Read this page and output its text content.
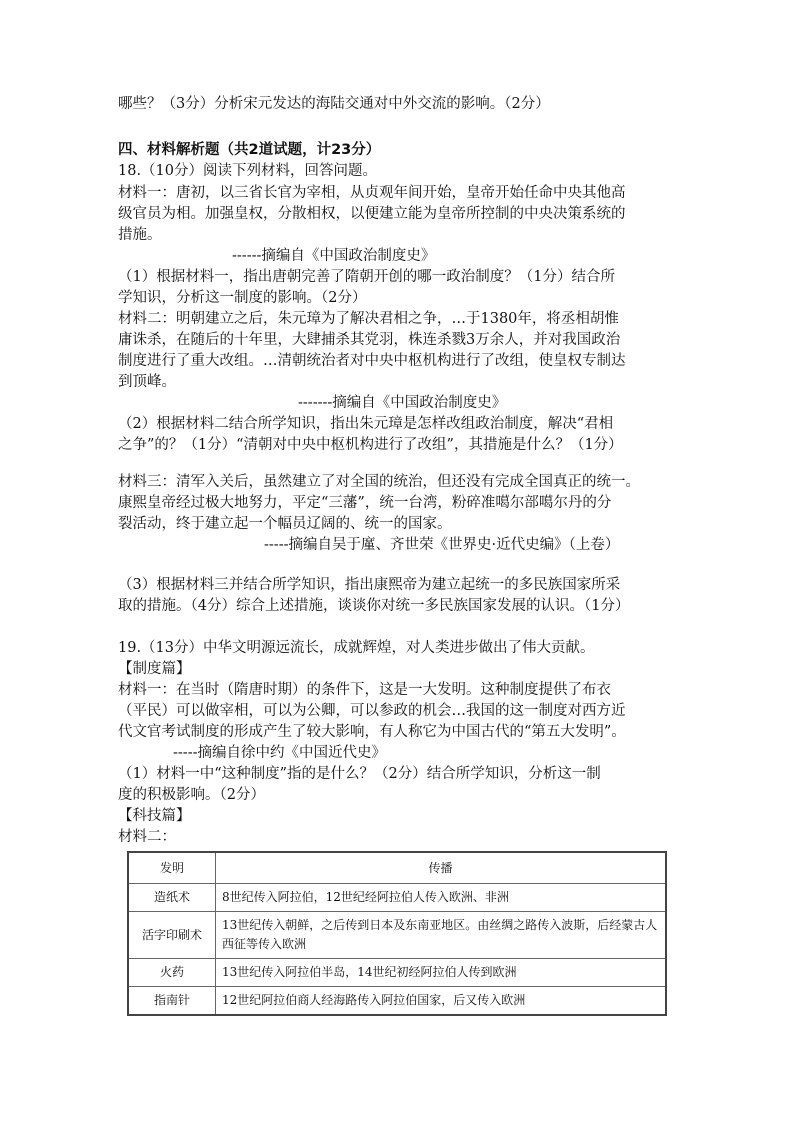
哪些？（3分）分析宋元发达的海陆交通对中外交流的影响。（2分）
四、材料解析题（共2道试题，计23分）
18.（10分）阅读下列材料，回答问题。
材料一：唐初，以三省长官为宰相，从贞观年间开始，皇帝开始任命中央其他高
级官员为相。加强皇权，分散相权，以便建立能为皇帝所控制的中央决策系统的
措施。
------摘编自《中国政治制度史》
（1）根据材料一，指出唐朝完善了隋朝开创的哪一政治制度？（1分）结合所
学知识，分析这一制度的影响。（2分）
材料二：明朝建立之后，朱元璋为了解决君相之争，…于1380年，将丞相胡惟
庸诛杀，在随后的十年里，大肆捕杀其党羽，株连杀戮3万余人，并对我国政治
制度进行了重大改组。…清朝统治者对中央中枢机构进行了改组，使皇权专制达
到顶峰。
-------摘编自《中国政治制度史》
（2）根据材料二结合所学知识，指出朱元璋是怎样改组政治制度，解决“君相
之争”的？（1分）“清朝对中央中枢机构进行了改组”，其措施是什么？（1分）
材料三：清军入关后，虽然建立了对全国的统治，但还没有完成全国真正的统一。
康熙皇帝经过极大地努力，平定“三藩”，统一台湾，粉碎准噶尔部噶尔丹的分
裂活动，终于建立起一个幅员辽阔的、统一的国家。
-----摘编自吴于廑、齐世荣《世界史·近代史编》（上卷）
（3）根据材料三并结合所学知识，指出康熙帝为建立起统一的多民族国家所采
取的措施。（4分）综合上述措施，谈谈你对统一多民族国家发展的认识。（1分）
19.（13分）中华文明源远流长，成就辉煌，对人类进步做出了伟大贡献。
【制度篇】
材料一：在当时（隋唐时期）的条件下，这是一大发明。这种制度提供了布衣
（平民）可以做宰相，可以为公卿，可以参政的机会…我国的这一制度对西方近
代文官考试制度的形成产生了较大影响，有人称它为中国古代的“第五大发明”。
-----摘编自徐中约《中国近代史》
（1）材料一中“这种制度”指的是什么？（2分）结合所学知识，分析这一制
度的积极影响。（2分）
【科技篇】
材料二：
发明	传播
造纸术	8世纪传入阿拉伯，12世纪经阿拉伯人传入欧洲、非洲
活字印刷术	13世纪传入朝鲜，之后传到日本及东南亚地区。由丝绸之路传入波斯，后经蒙古人西征等传入欧洲
火药	13世纪传入阿拉伯半岛，14世纪初经阿拉伯人传到欧洲
指南针	12世纪阿拉伯商人经海路传入阿拉伯国家，后又传入欧洲
